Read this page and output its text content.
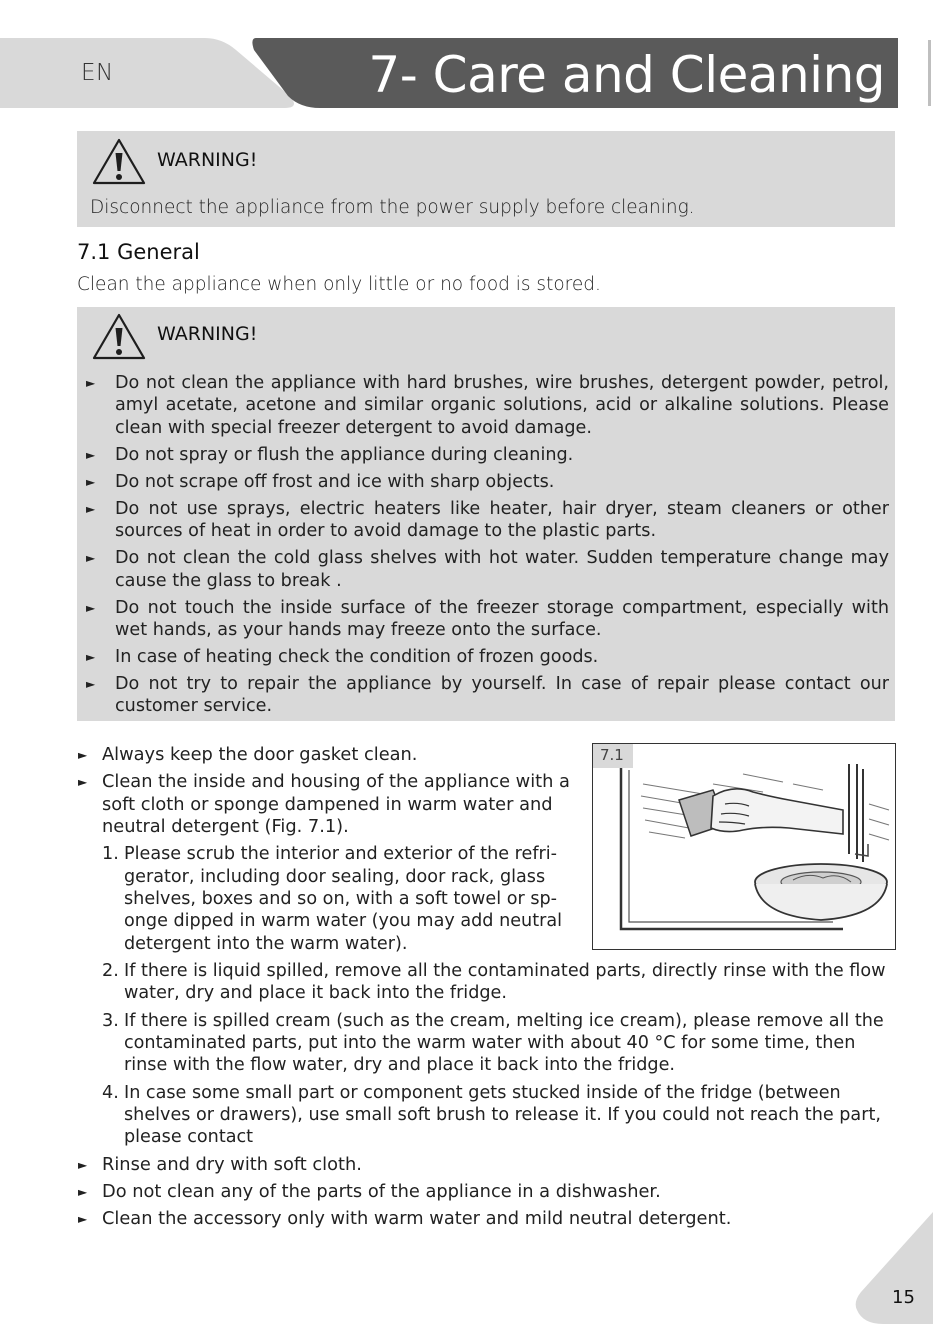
EN	7- Care and Cleaning
WARNING!
Disconnect the appliance from the power supply before cleaning.
7.1 General
Clean the appliance when only little or no food is stored.
WARNING!
► Do not clean the appliance with hard brushes, wire brushes, detergent powder, petrol, amyl acetate, acetone and similar organic solutions, acid or alkaline solutions. Please clean with special freezer detergent to avoid damage.
► Do not spray or flush the appliance during cleaning.
► Do not scrape off frost and ice with sharp objects.
► Do not use sprays, electric heaters like heater, hair dryer, steam cleaners or other sources of heat in order to avoid damage to the plastic parts.
► Do not clean the cold glass shelves with hot water. Sudden temperature change may cause the glass to break .
► Do not touch the inside surface of the freezer storage compartment, especially with wet hands, as your hands may freeze onto the surface.
► In case of heating check the condition of frozen goods.
► Do not try to repair the appliance by yourself. In case of repair please contact our customer service.
7.1
► Always keep the door gasket clean.
► Clean the inside and housing of the appliance with a soft cloth or sponge dampened in warm water and neutral detergent (Fig. 7.1).
1. Please scrub the interior and exterior of the refri-gerator, including door sealing, door rack, glass shelves, boxes and so on, with a soft towel or sp-onge dipped in warm water (you may add neutral detergent into the warm water).
2. If there is liquid spilled, remove all the contaminated parts, directly rinse with the flow water, dry and place it back into the fridge.
3. If there is spilled cream (such as the cream, melting ice cream), please remove all the contaminated parts, put into the warm water with about 40 °C for some time, then rinse with the flow water, dry and place it back into the fridge.
4. In case some small part or component gets stucked inside of the fridge (between shelves or drawers), use small soft brush to release it. If you could not reach the part, please contact
► Rinse and dry with soft cloth.
► Do not clean any of the parts of the appliance in a dishwasher.
► Clean the accessory only with warm water and mild neutral detergent.
15
